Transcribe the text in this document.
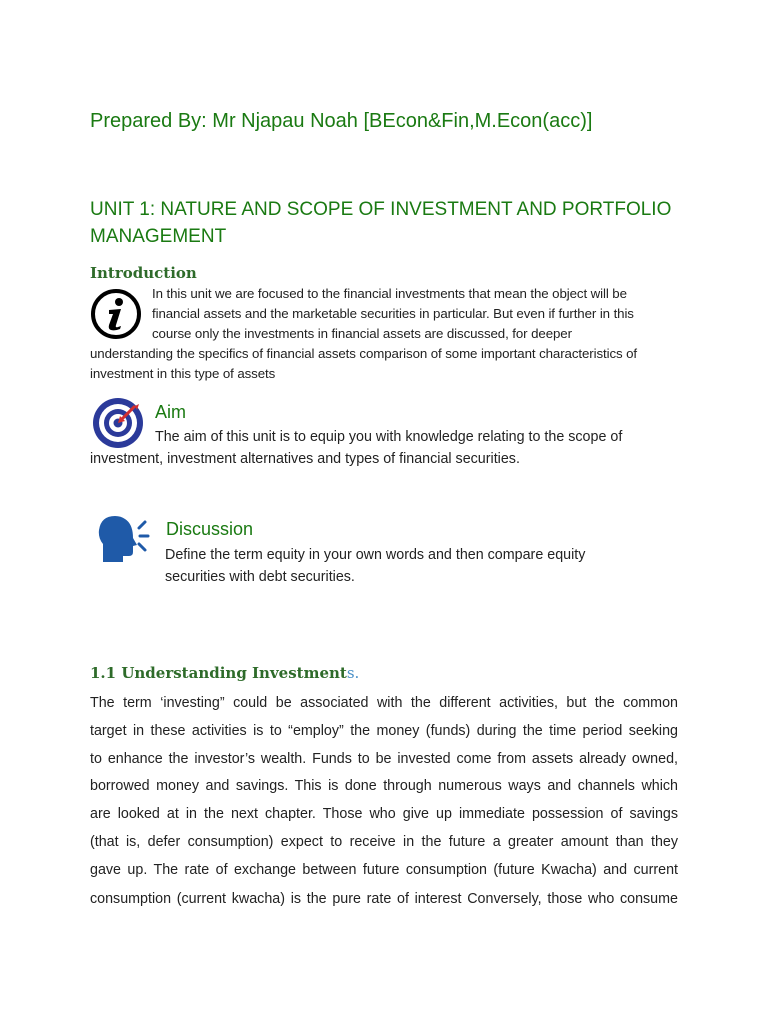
Prepared By: Mr Njapau Noah [BEcon&Fin,M.Econ(acc)]
UNIT 1: NATURE AND SCOPE OF INVESTMENT AND PORTFOLIO MANAGEMENT
Introduction
In this unit we are focused to the financial investments that mean the object will be
financial assets and the marketable securities in particular. But even if further in this
course only the investments in financial assets are discussed, for deeper
understanding the specifics of financial assets comparison of some important characteristics of
investment in this type of assets
Aim
The aim of this unit is to equip you with knowledge relating to the scope of
investment, investment alternatives and types of financial securities.
Discussion
Define the term equity in your own words and then compare equity
securities with debt securities.
1.1 Understanding Investments.
The term ‘investing” could be associated with the different activities, but the common
target in these activities is to “employ” the money (funds) during the time period seeking
to enhance the investor’s wealth. Funds to be invested come from assets already owned,
borrowed money and savings. This is done through numerous ways and channels which
are looked at in the next chapter. Those who give up immediate possession of savings
(that is, defer consumption) expect to receive in the future a greater amount than they
gave up. The rate of exchange between future consumption (future Kwacha) and current
consumption (current kwacha) is the pure rate of interest Conversely, those who consume
